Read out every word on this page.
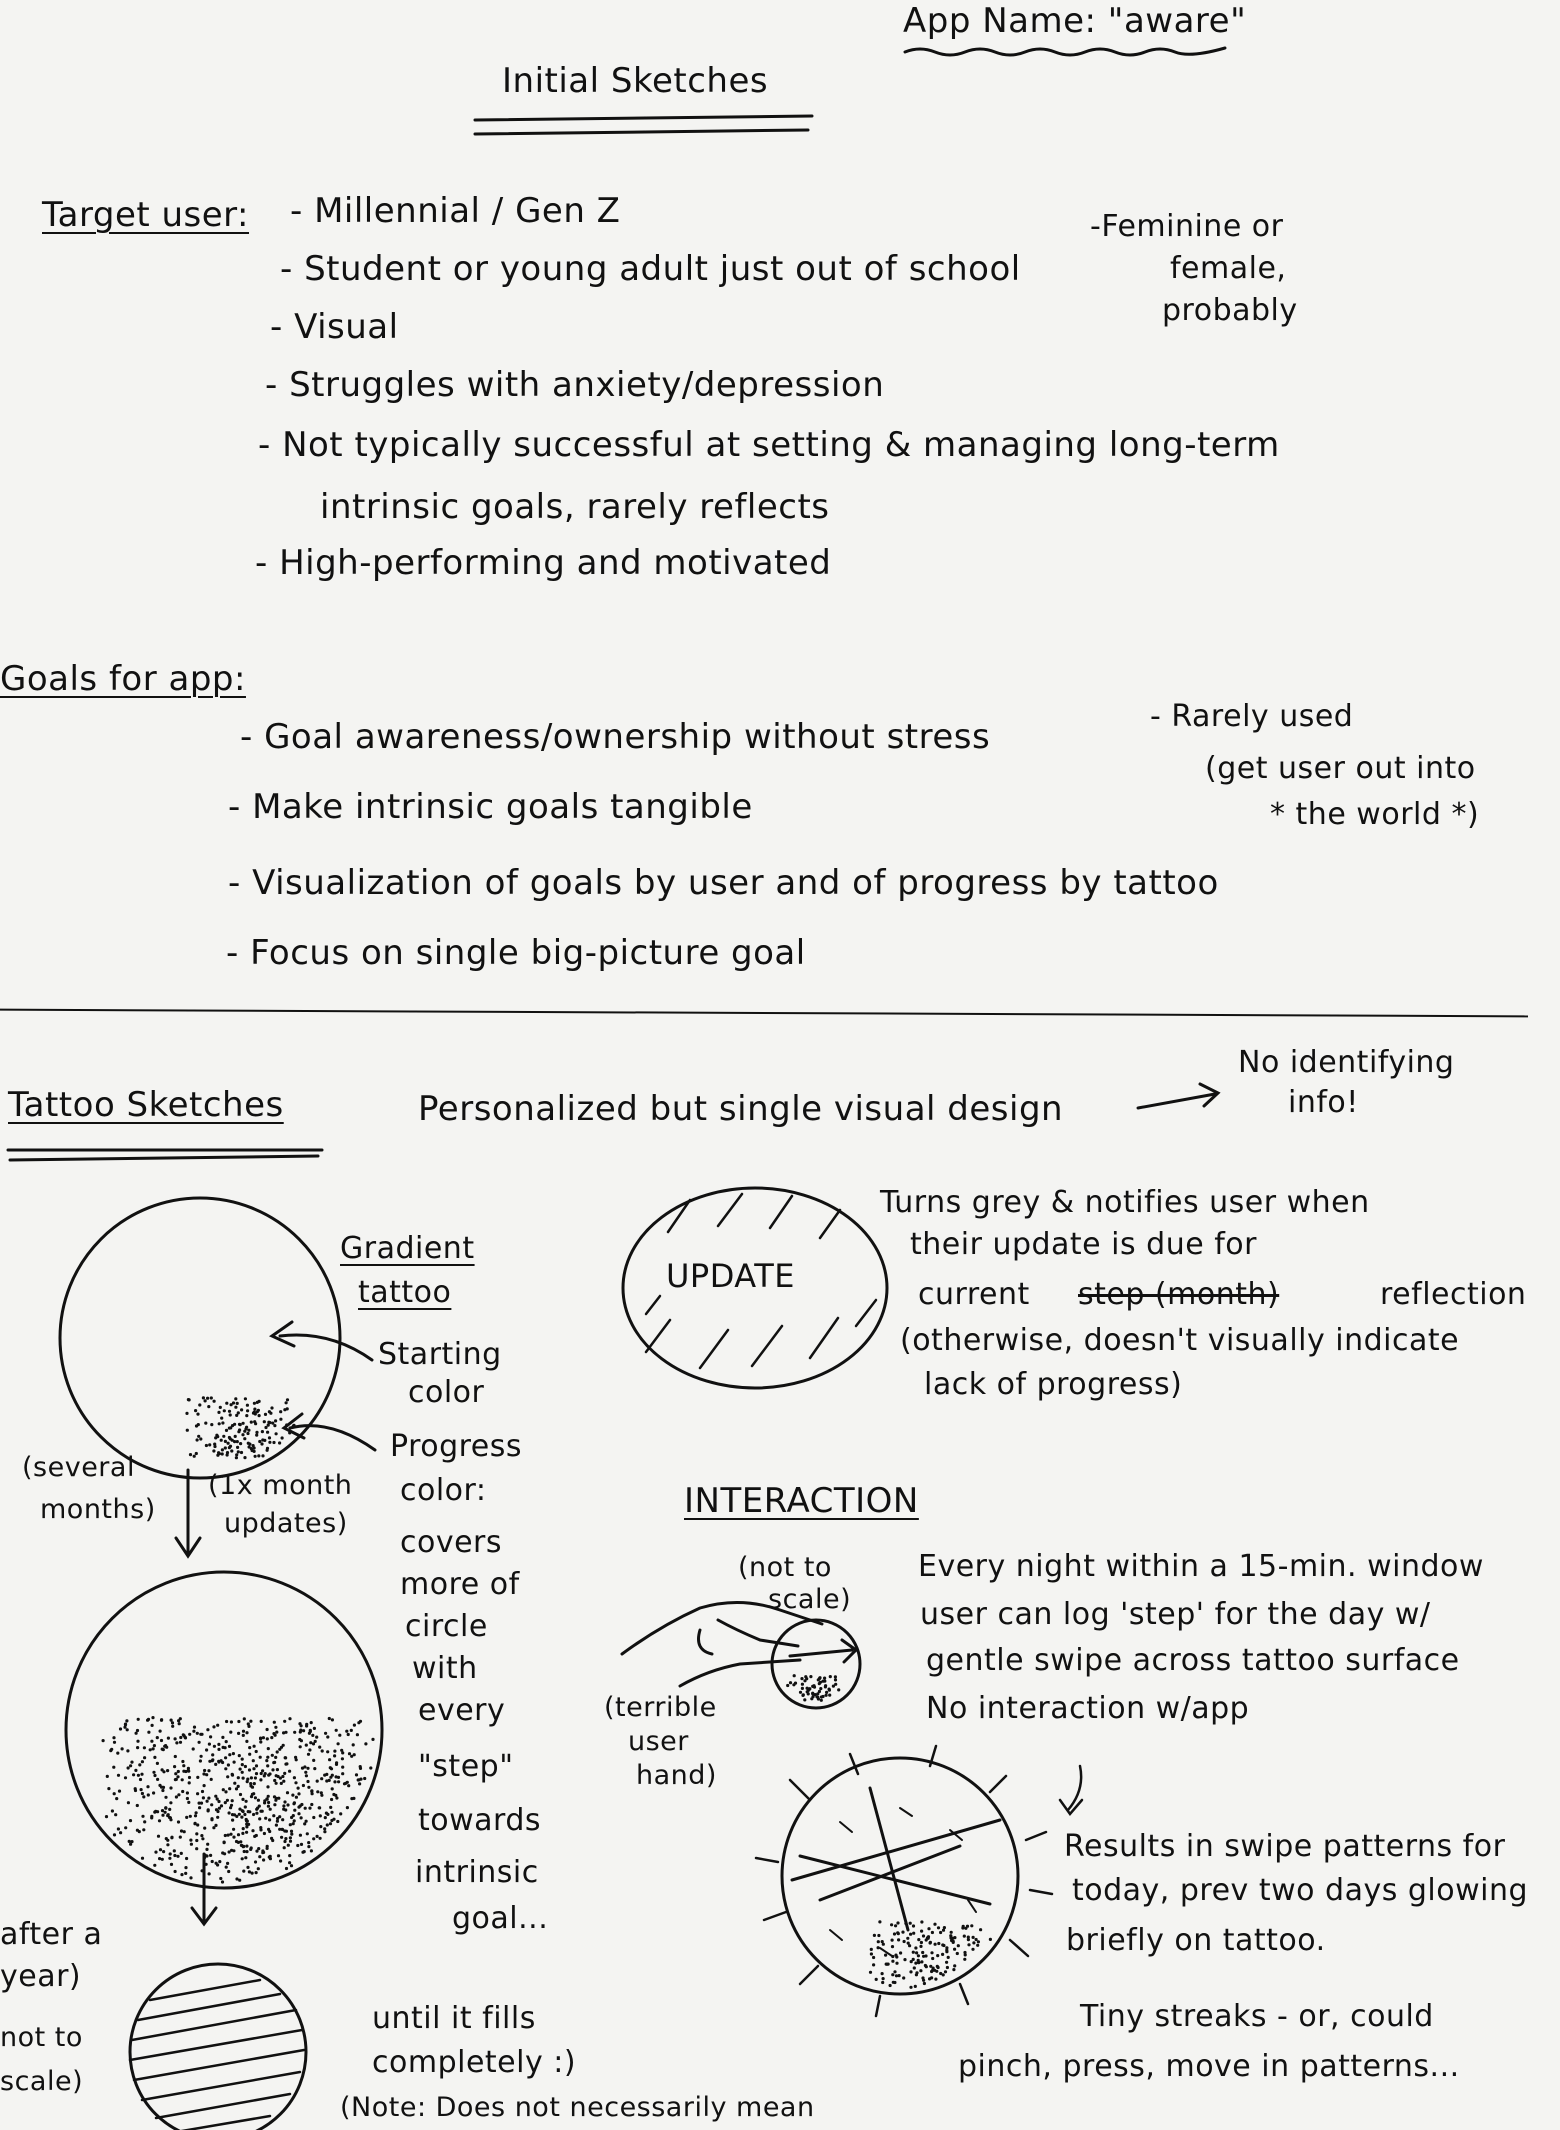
App Name: "aware"
Initial Sketches
Target user: - Millennial / Gen Z
- Student or young adult just out of school
- Visual
- Struggles with anxiety/depression
- Not typically successful at setting & managing long-term
intrinsic goals, rarely reflects
- High-performing and motivated
-Feminine or
female,
probably
Goals for app:
- Goal awareness/ownership without stress
- Make intrinsic goals tangible
- Visualization of goals by user and of progress by tattoo
- Focus on single big-picture goal
- Rarely used
(get user out into
* the world *)
Tattoo Sketches	Personalized but single visual design
No identifying
info!
Gradient
tattoo
Starting
color
Progress
color:
covers
more of
circle
with
every
"step"
towards
intrinsic
goal...
(several
months)
(1x month
updates)
after a
year)
not to
scale)
until it fills
completely :)
(Note: Does not necessarily mean
UPDATE
Turns grey & notifies user when
their update is due for
current step (month)	reflection
(otherwise, doesn't visually indicate
lack of progress)
INTERACTION
(not to
scale)
(terrible
user
hand)
Every night within a 15-min. window
user can log 'step' for the day w/
gentle swipe across tattoo surface
No interaction w/app
Results in swipe patterns for
today, prev two days glowing
briefly on tattoo.
Tiny streaks - or, could
pinch, press, move in patterns...
